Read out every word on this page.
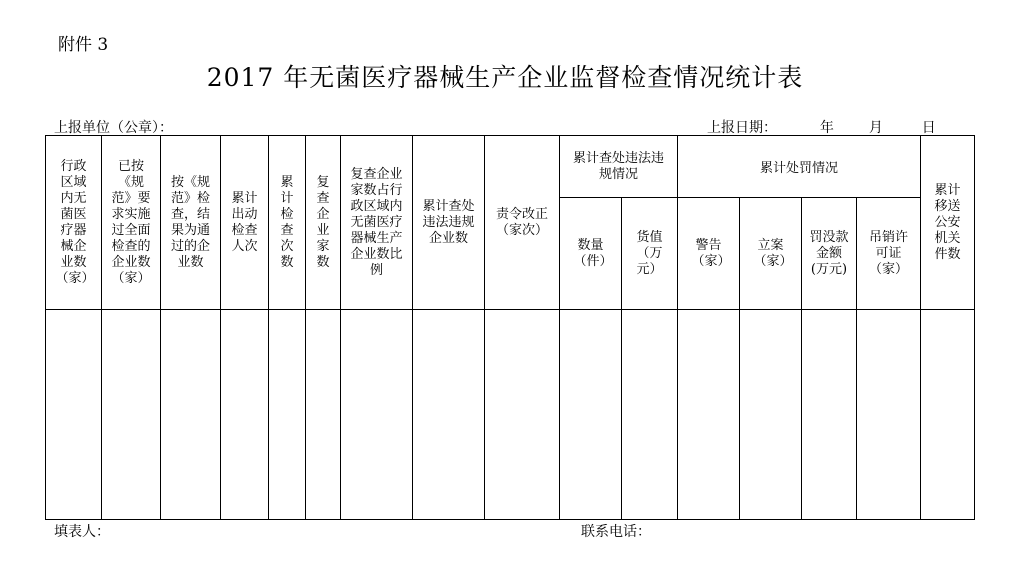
附件 3
2017 年无菌医疗器械生产企业监督检查情况统计表
上报单位（公章）：	上报日期：	年 月	日
行政区域内无菌医疗器械企业数（家）	已按《规范》要求实施过全面检查的企业数（家）	按《规范》检查，结果为通过的企业数	累计出动检查人次	累计检查次数	复查企业家数	复查企业家数占行政区域内无菌医疗器械生产企业数比例	累计查处违法违规企业数	责令改正（家次）	累计查处违法违规情况		累计处罚情况				累计移送公安机关件数
									数量（件）	货值（万元）	警告（家）	立案（家）	罚没款金额(万元)	吊销许可证（家）	

填表人：	联系电话：
